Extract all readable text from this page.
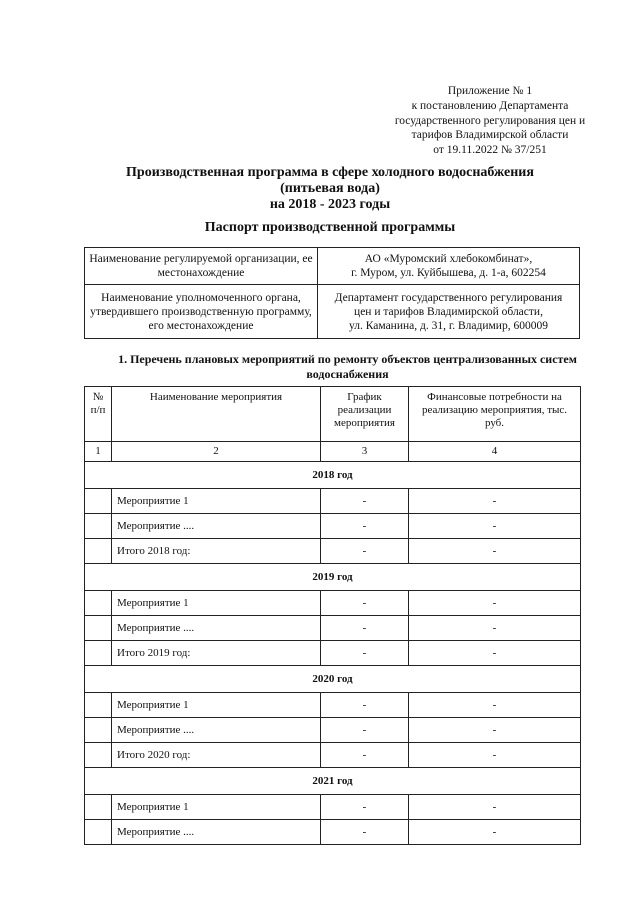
Приложение № 1
к постановлению Департамента
государственного регулирования цен и
тарифов Владимирской области
от 19.11.2022 № 37/251
Производственная программа в сфере холодного водоснабжения
(питьевая вода)
на 2018 - 2023 годы
Паспорт производственной программы
Наименование регулируемой организации, ее местонахождение	АО «Муромский хлебокомбинат»,
г. Муром, ул. Куйбышева, д. 1-а, 602254

Наименование уполномоченного органа, утвердившего производственную программу, его местонахождение	Департамент государственного регулирования
цен и тарифов Владимирской области,
ул. Каманина, д. 31, г. Владимир, 600009
1. Перечень плановых мероприятий по ремонту объектов централизованных систем
водоснабжения
№ п/п	Наименование мероприятия	График реализации мероприятия	Финансовые потребности на реализацию мероприятия, тыс. руб.
1	2	3	4
2018 год			
	Мероприятие 1	-	-
	Мероприятие ....	-	-
	Итого 2018 год:	-	-
2019 год			
	Мероприятие 1	-	-
	Мероприятие ....	-	-
	Итого 2019 год:	-	-
2020 год			
	Мероприятие 1	-	-
	Мероприятие ....	-	-
	Итого 2020 год:	-	-
2021 год			
	Мероприятие 1	-	-
	Мероприятие ....	-	-
